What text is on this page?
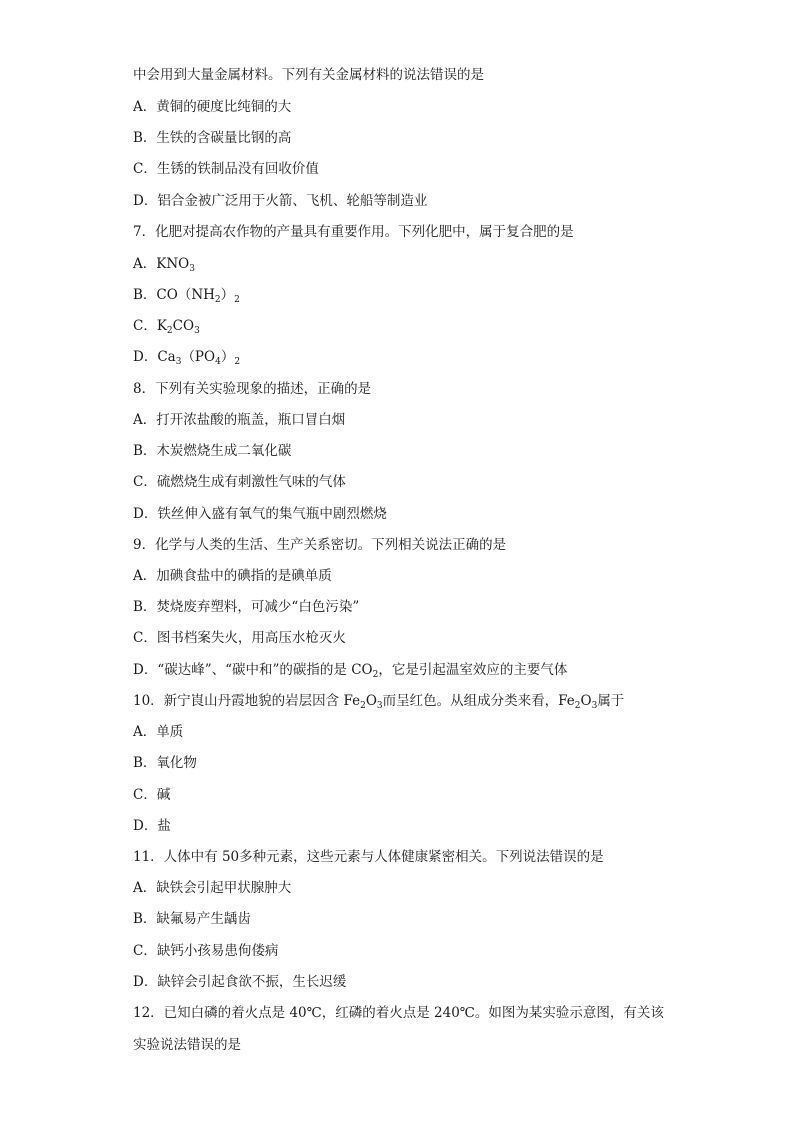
中会用到大量金属材料。下列有关金属材料的说法错误的是
A．黄铜的硬度比纯铜的大
B．生铁的含碳量比钢的高
C．生锈的铁制品没有回收价值
D．铝合金被广泛用于火箭、飞机、轮船等制造业
7．化肥对提高农作物的产量具有重要作用。下列化肥中，属于复合肥的是
A．$KNO_3$
B．$CO(NH_2)_2$
C．$K_2CO_3$
D．$Ca_3(PO_4)_2$
8．下列有关实验现象的描述，正确的是
A．打开浓盐酸的瓶盖，瓶口冒白烟
B．木炭燃烧生成二氧化碳
C．硫燃烧生成有刺激性气味的气体
D．铁丝伸入盛有氧气的集气瓶中剧烈燃烧
9．化学与人类的生活、生产关系密切。下列相关说法正确的是
A．加碘食盐中的碘指的是碘单质
B．焚烧废弃塑料，可减少“白色污染”
C．图书档案失火，用高压水枪灭火
D．“碳达峰”、“碳中和”的碳指的是 $CO_2$，它是引起温室效应的主要气体
10．新宁崀山丹霞地貌的岩层因含 $Fe_2O_3$而呈红色。从组成分类来看，$Fe_2O_3$属于
A．单质
B．氧化物
C．碱
D．盐
11．人体中有 50多种元素，这些元素与人体健康紧密相关。下列说法错误的是
A．缺铁会引起甲状腺肿大
B．缺氟易产生龋齿
C．缺钙小孩易患佝偻病
D．缺锌会引起食欲不振，生长迟缓
12．已知白磷的着火点是 40℃，红磷的着火点是 240℃。如图为某实验示意图，有关该
实验说法错误的是
